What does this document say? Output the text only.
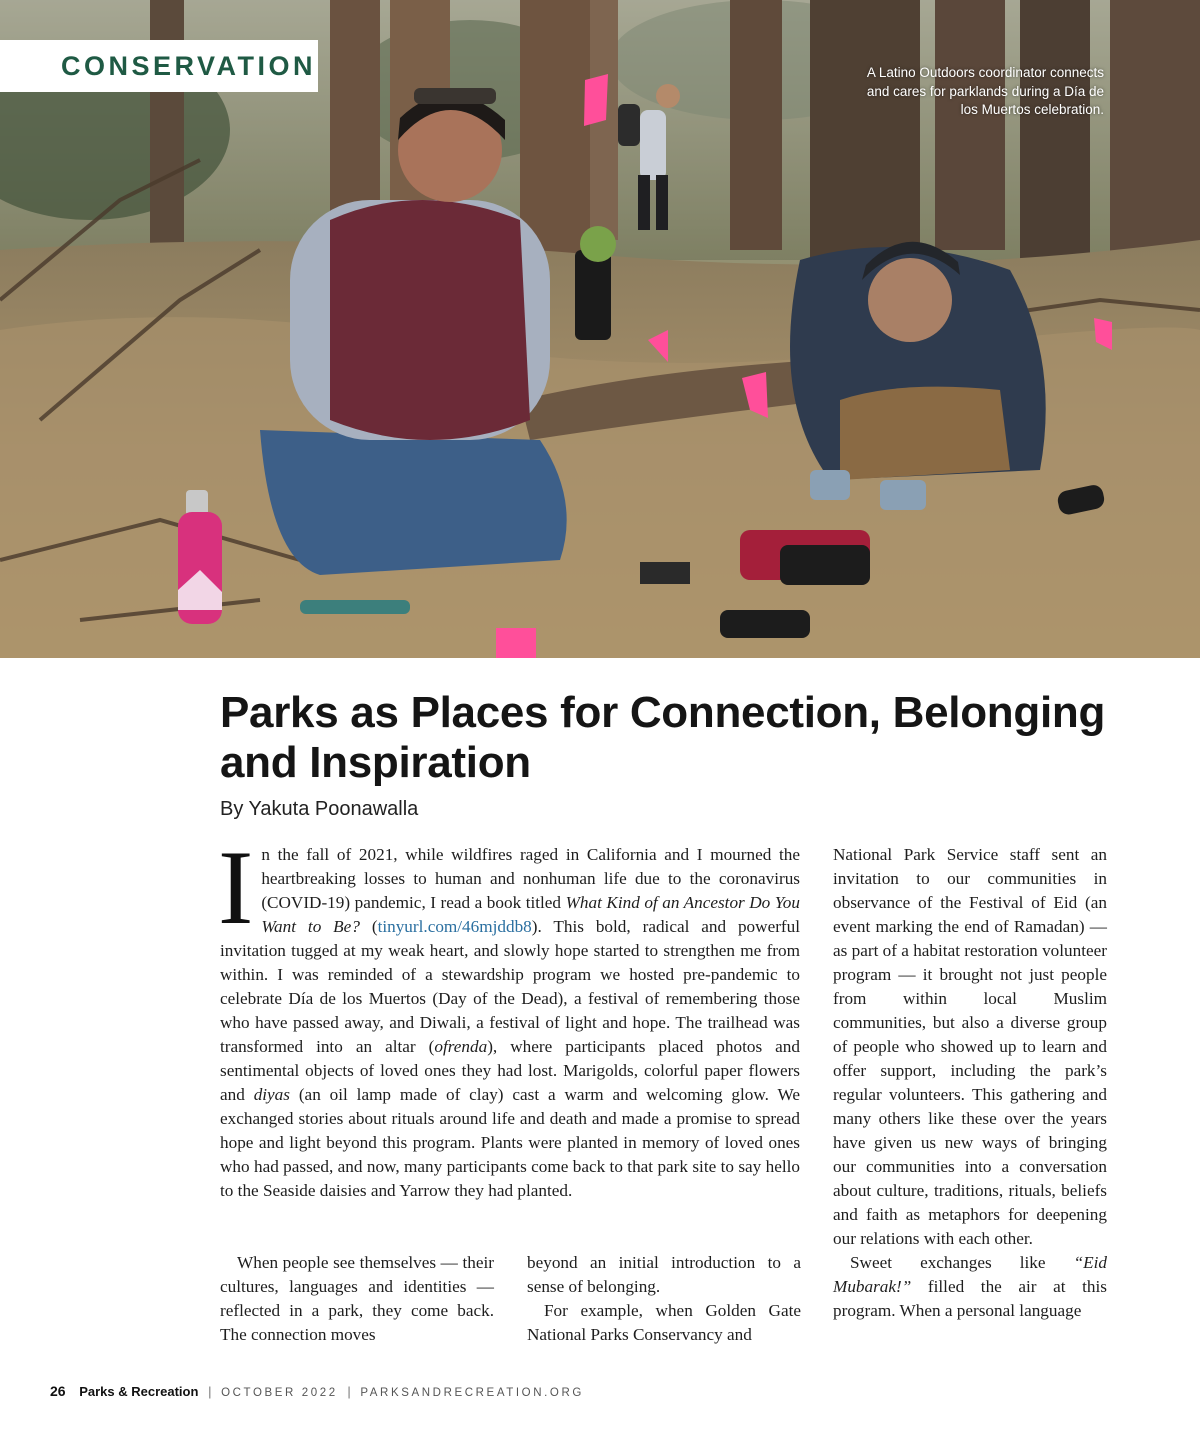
CONSERVATION	A Latino Outdoors coordinator connects and cares for parklands during a Día de los Muertos celebration.
Parks as Places for Connection, Belonging and Inspiration
By Yakuta Poonawalla

In the fall of 2021, while wildfires raged in California and I mourned the heartbreaking losses to human and nonhuman life due to the coronavirus (COVID-19) pandemic, I read a book titled What Kind of an Ancestor Do You Want to Be? (tinyurl.com/46mjddb8). This bold, radical and powerful invitation tugged at my weak heart, and slowly hope started to strengthen me from within. I was reminded of a stewardship program we hosted pre-pandemic to celebrate Día de los Muertos (Day of the Dead), a festival of remembering those who have passed away, and Diwali, a festival of light and hope. The trailhead was transformed into an altar (ofrenda), where participants placed photos and sentimental objects of loved ones they had lost. Marigolds, colorful paper flowers and diyas (an oil lamp made of clay) cast a warm and welcoming glow. We exchanged stories about rituals around life and death and made a promise to spread hope and light beyond this program. Plants were planted in memory of loved ones who had passed, and now, many participants come back to that park site to say hello to the Seaside daisies and Yarrow they had planted.

When people see themselves — their cultures, languages and identities — reflected in a park, they come back. The connection moves

beyond an initial introduction to a sense of belonging.

For example, when Golden Gate National Parks Conservancy and

National Park Service staff sent an invitation to our communities in observance of the Festival of Eid (an event marking the end of Ramadan) — as part of a habitat restoration volunteer program — it brought not just people from within local Muslim communities, but also a diverse group of people who showed up to learn and offer support, including the park’s regular volunteers. This gathering and many others like these over the years have given us new ways of bringing our communities into a conversation about culture, traditions, rituals, beliefs and faith as metaphors for deepening our relations with each other.

Sweet exchanges like “Eid Mubarak!” filled the air at this program. When a personal language

26 Parks & Recreation | OCTOBER 2022 | PARKSANDRECREATION.ORG
